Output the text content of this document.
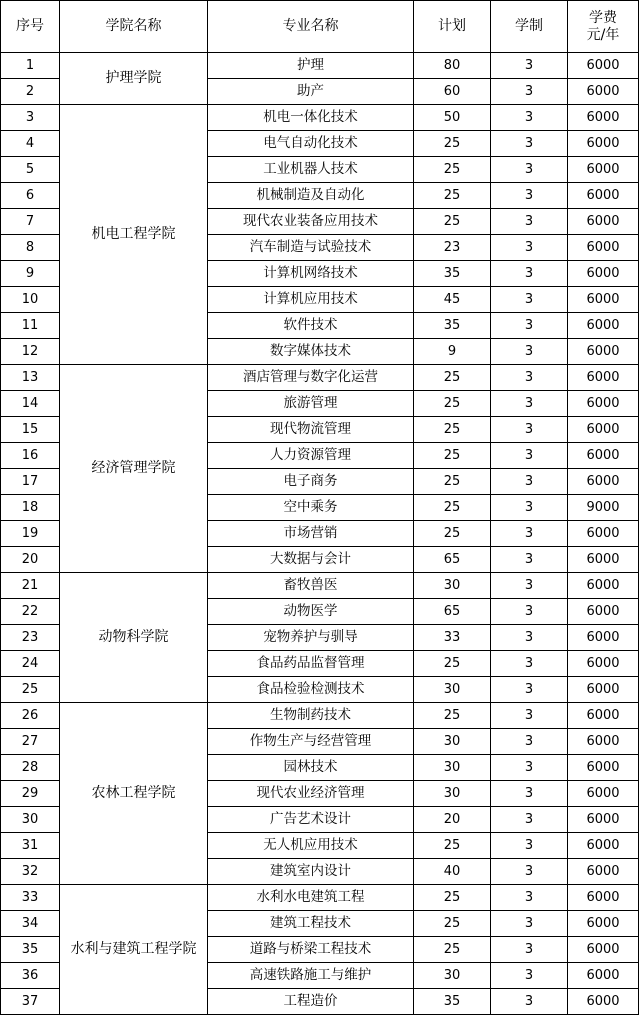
序号	学院名称	专业名称	计划	学制	学费
元/年

1	护理学院	护理	80	3	6000
2		助产	60	3	6000
3	机电工程学院	机电一体化技术	50	3	6000
4		电气自动化技术	25	3	6000
5		工业机器人技术	25	3	6000
6		机械制造及自动化	25	3	6000
7		现代农业装备应用技术	25	3	6000
8		汽车制造与试验技术	23	3	6000
9		计算机网络技术	35	3	6000
10		计算机应用技术	45	3	6000
11		软件技术	35	3	6000
12		数字媒体技术	9	3	6000
13	经济管理学院	酒店管理与数字化运营	25	3	6000
14		旅游管理	25	3	6000
15		现代物流管理	25	3	6000
16		人力资源管理	25	3	6000
17		电子商务	25	3	6000
18		空中乘务	25	3	9000
19		市场营销	25	3	6000
20		大数据与会计	65	3	6000
21	动物科学院	畜牧兽医	30	3	6000
22		动物医学	65	3	6000
23		宠物养护与驯导	33	3	6000
24		食品药品监督管理	25	3	6000
25		食品检验检测技术	30	3	6000
26	农林工程学院	生物制药技术	25	3	6000
27		作物生产与经营管理	30	3	6000
28		园林技术	30	3	6000
29		现代农业经济管理	30	3	6000
30		广告艺术设计	20	3	6000
31		无人机应用技术	25	3	6000
32		建筑室内设计	40	3	6000
33	水利与建筑工程学院	水利水电建筑工程	25	3	6000
34		建筑工程技术	25	3	6000
35		道路与桥梁工程技术	25	3	6000
36		高速铁路施工与维护	30	3	6000
37		工程造价	35	3	6000
